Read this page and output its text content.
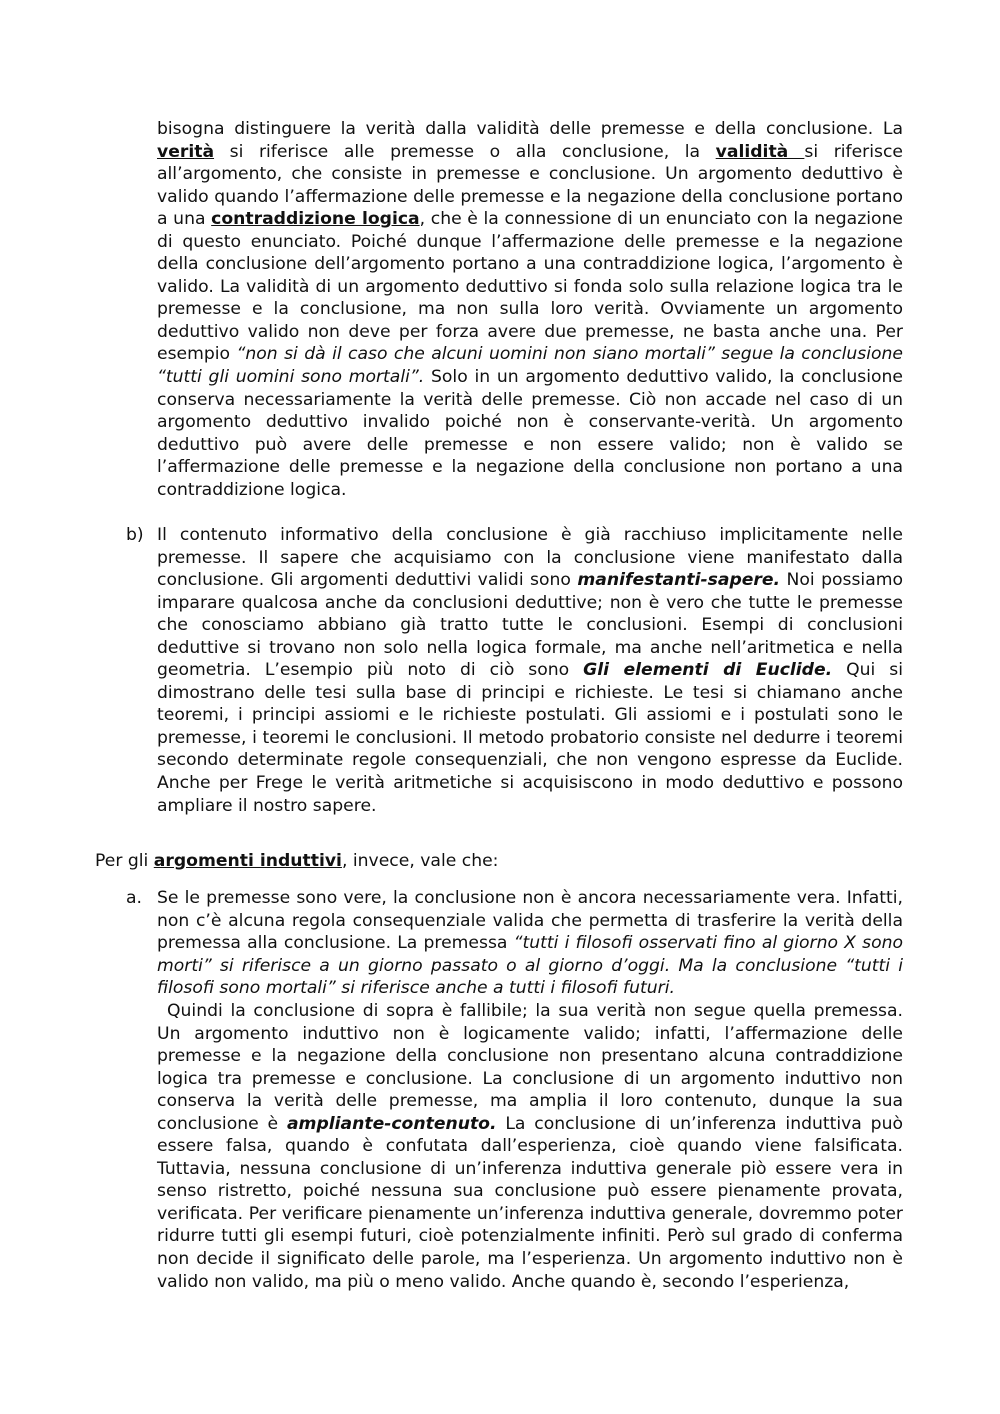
bisogna distinguere la verità dalla validità delle premesse e della conclusione. La verità si riferisce alle premesse o alla conclusione, la validità si riferisce all’argomento, che consiste in premesse e conclusione. Un argomento deduttivo è valido quando l’affermazione delle premesse e la negazione della conclusione portano a una contraddizione logica, che è la connessione di un enunciato con la negazione di questo enunciato. Poiché dunque l’affermazione delle premesse e la negazione della conclusione dell’argomento portano a una contraddizione logica, l’argomento è valido. La validità di un argomento deduttivo si fonda solo sulla relazione logica tra le premesse e la conclusione, ma non sulla loro verità. Ovviamente un argomento deduttivo valido non deve per forza avere due premesse, ne basta anche una. Per esempio “non si dà il caso che alcuni uomini non siano mortali” segue la conclusione “tutti gli uomini sono mortali”. Solo in un argomento deduttivo valido, la conclusione conserva necessariamente la verità delle premesse. Ciò non accade nel caso di un argomento deduttivo invalido poiché non è conservante-verità. Un argomento deduttivo può avere delle premesse e non essere valido; non è valido se l’affermazione delle premesse e la negazione della conclusione non portano a una contraddizione logica.

b) Il contenuto informativo della conclusione è già racchiuso implicitamente nelle premesse. Il sapere che acquisiamo con la conclusione viene manifestato dalla conclusione. Gli argomenti deduttivi validi sono manifestanti-sapere. Noi possiamo imparare qualcosa anche da conclusioni deduttive; non è vero che tutte le premesse che conosciamo abbiano già tratto tutte le conclusioni. Esempi di conclusioni deduttive si trovano non solo nella logica formale, ma anche nell’aritmetica e nella geometria. L’esempio più noto di ciò sono Gli elementi di Euclide. Qui si dimostrano delle tesi sulla base di principi e richieste. Le tesi si chiamano anche teoremi, i principi assiomi e le richieste postulati. Gli assiomi e i postulati sono le premesse, i teoremi le conclusioni. Il metodo probatorio consiste nel dedurre i teoremi secondo determinate regole consequenziali, che non vengono espresse da Euclide. Anche per Frege le verità aritmetiche si acquisiscono in modo deduttivo e possono ampliare il nostro sapere.

Per gli argomenti induttivi, invece, vale che:

a. Se le premesse sono vere, la conclusione non è ancora necessariamente vera. Infatti, non c’è alcuna regola consequenziale valida che permetta di trasferire la verità della premessa alla conclusione. La premessa “tutti i filosofi osservati fino al giorno X sono morti” si riferisce a un giorno passato o al giorno d’oggi. Ma la conclusione “tutti i filosofi sono mortali” si riferisce anche a tutti i filosofi futuri.

Quindi la conclusione di sopra è fallibile; la sua verità non segue quella premessa. Un argomento induttivo non è logicamente valido; infatti, l’affermazione delle premesse e la negazione della conclusione non presentano alcuna contraddizione logica tra premesse e conclusione. La conclusione di un argomento induttivo non conserva la verità delle premesse, ma amplia il loro contenuto, dunque la sua conclusione è ampliante-contenuto. La conclusione di un’inferenza induttiva può essere falsa, quando è confutata dall’esperienza, cioè quando viene falsificata. Tuttavia, nessuna conclusione di un’inferenza induttiva generale piò essere vera in senso ristretto, poiché nessuna sua conclusione può essere pienamente provata, verificata. Per verificare pienamente un’inferenza induttiva generale, dovremmo poter ridurre tutti gli esempi futuri, cioè potenzialmente infiniti. Però sul grado di conferma non decide il significato delle parole, ma l’esperienza. Un argomento induttivo non è valido non valido, ma più o meno valido. Anche quando è, secondo l’esperienza,
